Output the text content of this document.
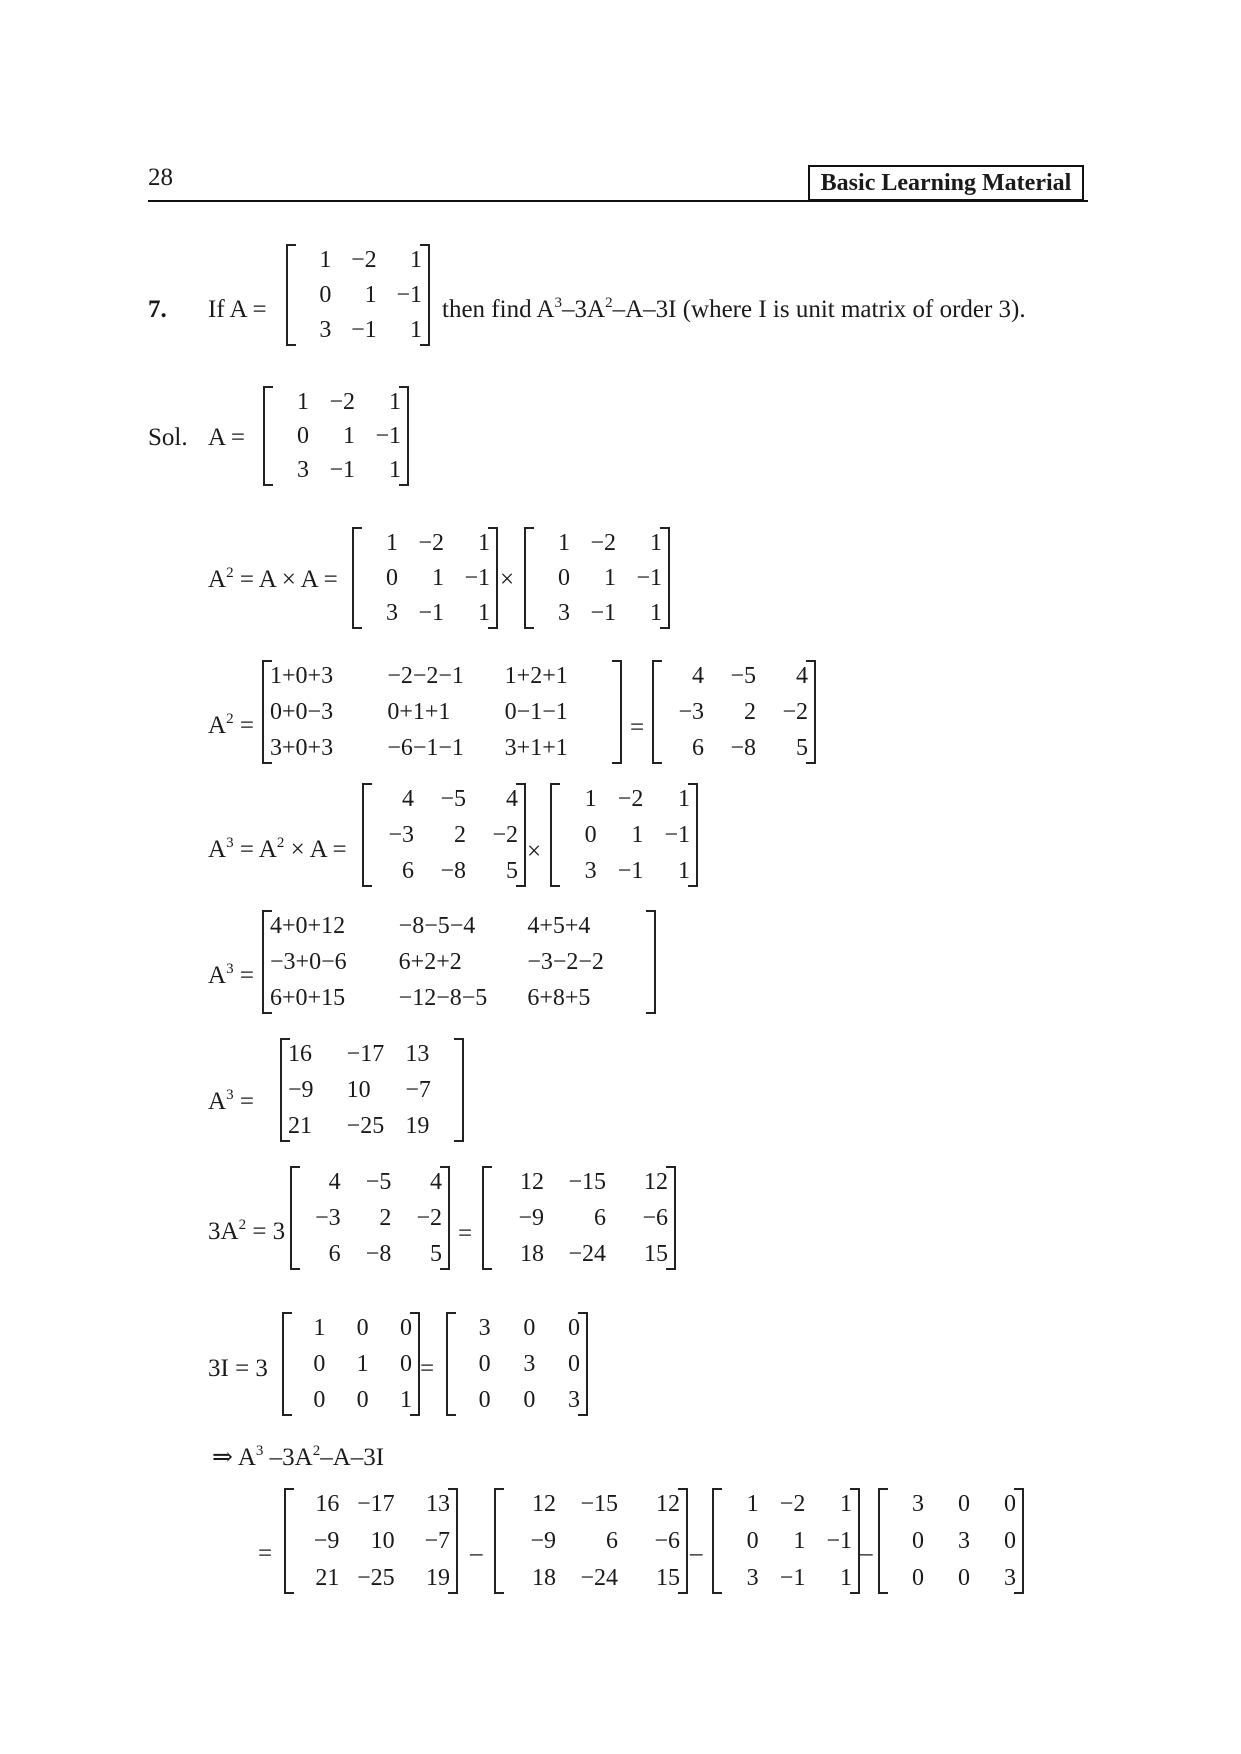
28	Basic Learning Material
7. If A =
1 −2	1
0	1 −1
3 −1	1
then find $A^3-3A^2-A-3I$ (where I is unit matrix of order 3).
Sol. A =
1 −2	1
0	1 −1
3 −1	1
$A^2 = A \times A$ =
1 −2	1
0	1 −1
3 −1	1
×
1 −2	1
0	1 −1
3 −1	1
$A^2$ =
1+0+3	−2−2−1	1+2+1
0+0−3	0+1+1	0−1−1
3+0+3	−6−1−1	3+1+1
=
4	−5	4
−3	2	−2
6	−8	5
$A^3 = A^2 \times A$ =
4	−5	4
−3	2	−2
6	−8	5
×
1 −2	1
0	1 −1
3 −1	1
$A^3$ =
4+0+12	−8−5−4	4+5+4
−3+0−6	6+2+2	−3−2−2
6+0+15	−12−8−5	6+8+5
$A^3$ =
16	−17 13
−9	10	−7
21	−25 19
$3A^2 = 3$
4	−5	4
−3	2	−2
6	−8	5
=
12	−15	12
−9	6	−6
18	−24	15
3I = 3
1	0	0
0	1	0
0	0	1
=
3	0	0
0	3	0
0	0	3
⇒ $A^3$ $-3A^2-A-3I$
=
16 −17	13
−9	10	−7
21 −25	19
–
12	−15	12
−9	6	−6
18	−24	15
–
1 −2	1
0	1 −1
3 −1	1
–
3	0	0
0	3	0
0	0	3
